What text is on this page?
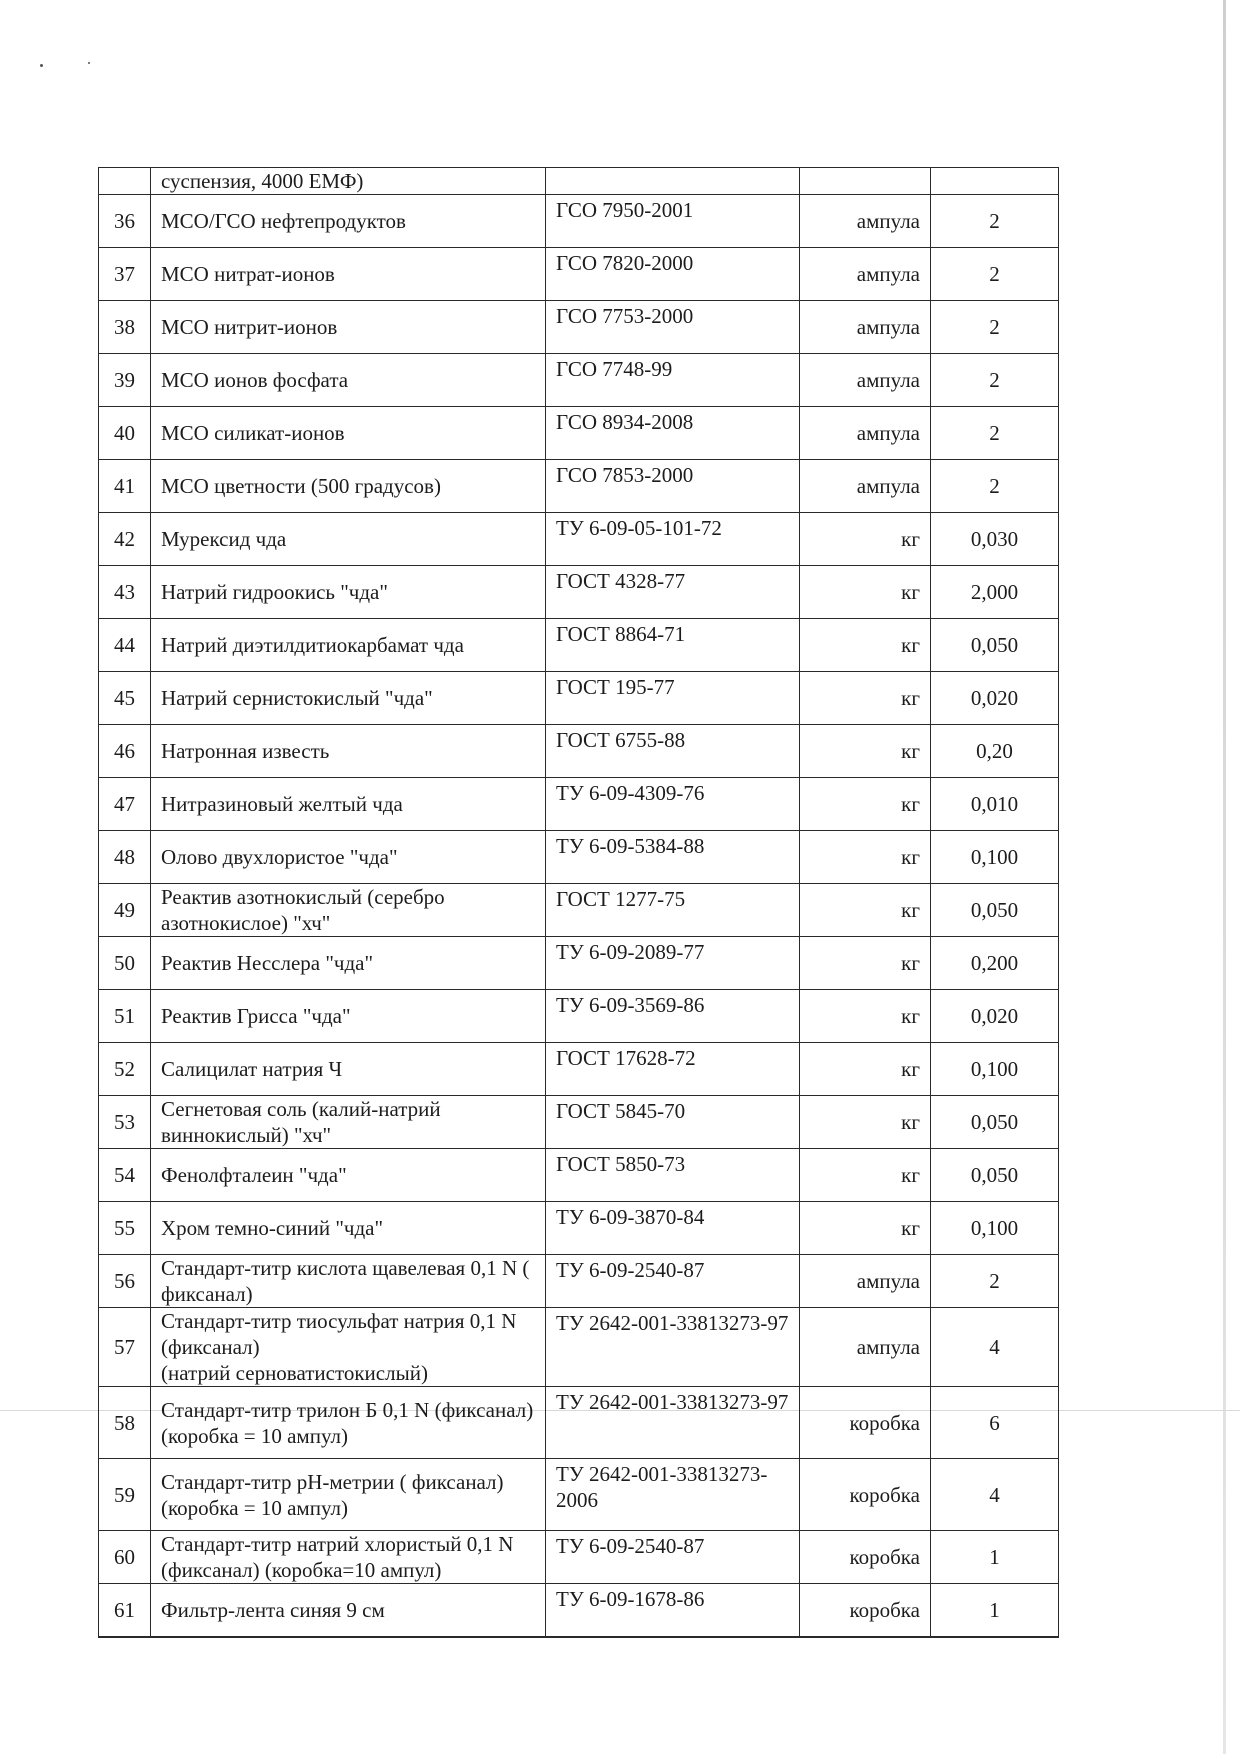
	суспензия, 4000 ЕМФ)			
36	МСО/ГСО нефтепродуктов	ГСО 7950-2001	ампула	2
37	МСО нитрат-ионов	ГСО 7820-2000	ампула	2
38	МСО нитрит-ионов	ГСО 7753-2000	ампула	2
39	МСО ионов фосфата	ГСО 7748-99	ампула	2
40	МСО силикат-ионов	ГСО 8934-2008	ампула	2
41	МСО цветности (500 градусов)	ГСО 7853-2000	ампула	2
42	Мурексид чда	ТУ 6-09-05-101-72	кг	0,030
43	Натрий гидроокись "чда"	ГОСТ 4328-77	кг	2,000
44	Натрий диэтилдитиокарбамат чда	ГОСТ 8864-71	кг	0,050
45	Натрий сернистокислый "чда"	ГОСТ 195-77	кг	0,020
46	Натронная известь	ГОСТ 6755-88	кг	0,20
47	Нитразиновый желтый чда	ТУ 6-09-4309-76	кг	0,010
48	Олово двухлористое "чда"	ТУ 6-09-5384-88	кг	0,100
49	Реактив азотнокислый (серебро азотнокислое) "хч"	ГОСТ 1277-75	кг	0,050
50	Реактив Несслера "чда"	ТУ 6-09-2089-77	кг	0,200
51	Реактив Грисса "чда"	ТУ 6-09-3569-86	кг	0,020
52	Салицилат натрия Ч	ГОСТ 17628-72	кг	0,100
53	Сегнетовая соль (калий-натрий виннокислый) "хч"	ГОСТ 5845-70	кг	0,050
54	Фенолфталеин "чда"	ГОСТ 5850-73	кг	0,050
55	Хром темно-синий "чда"	ТУ 6-09-3870-84	кг	0,100
56	Стандарт-титр кислота щавелевая 0,1 N ( фиксанал)	ТУ 6-09-2540-87	ампула	2
57	Стандарт-титр тиосульфат натрия 0,1 N (фиксанал)
(натрий серноватистокислый)	ТУ 2642-001-33813273-97	ампула	4
58	Стандарт-титр трилон Б 0,1 N (фиксанал) (коробка = 10 ампул)	ТУ 2642-001-33813273-97	коробка	6
59	Стандарт-титр pH-метрии ( фиксанал) (коробка = 10 ампул)	ТУ 2642-001-33813273-2006	коробка	4
60	Стандарт-титр натрий хлористый 0,1 N (фиксанал) (коробка=10 ампул)	ТУ 6-09-2540-87	коробка	1
61	Фильтр-лента синяя 9 см	ТУ 6-09-1678-86	коробка	1
